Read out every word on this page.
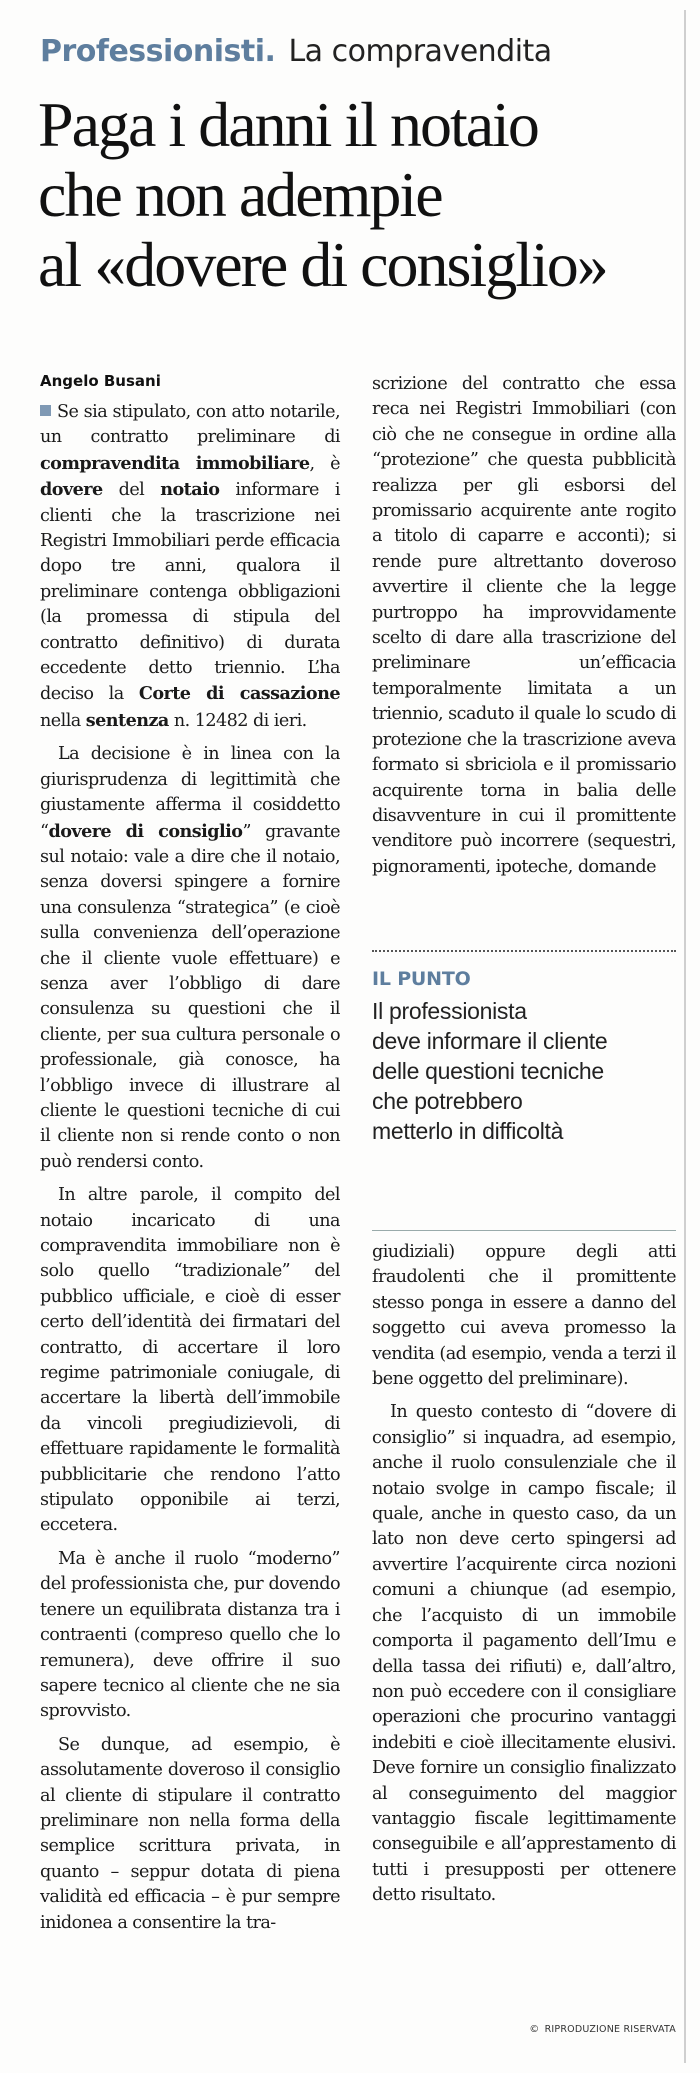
Professionisti. La compravendita
Paga i danni il notaio
che non adempie
al «dovere di consiglio»
Angelo Busani

Se sia stipulato, con atto notarile, un contratto preliminare di compravendita immobiliare, è dovere del notaio informare i clienti che la trascrizione nei Registri Immobiliari perde efficacia dopo tre anni, qualora il preliminare contenga obbligazioni (la promessa di stipula del contratto definitivo) di durata eccedente detto triennio. L’ha deciso la Corte di cassazione nella sentenza n. 12482 di ieri.

La decisione è in linea con la giurisprudenza di legittimità che giustamente afferma il cosiddetto “dovere di consiglio” gravante sul notaio: vale a dire che il notaio, senza doversi spingere a fornire una consulenza “strategica” (e cioè sulla convenienza dell’operazione che il cliente vuole effettuare) e senza aver l’obbligo di dare consulenza su questioni che il cliente, per sua cultura personale o professionale, già conosce, ha l’obbligo invece di illustrare al cliente le questioni tecniche di cui il cliente non si rende conto o non può rendersi conto.

In altre parole, il compito del notaio incaricato di una compravendita immobiliare non è solo quello “tradizionale” del pubblico ufficiale, e cioè di esser certo dell’identità dei firmatari del contratto, di accertare il loro regime patrimoniale coniugale, di accertare la libertà dell’immobile da vincoli pregiudizievoli, di effettuare rapidamente le formalità pubblicitarie che rendono l’atto stipulato opponibile ai terzi, eccetera.

Ma è anche il ruolo “moderno” del professionista che, pur dovendo tenere un equilibrata distanza tra i contraenti (compreso quello che lo remunera), deve offrire il suo sapere tecnico al cliente che ne sia sprovvisto.

Se dunque, ad esempio, è assolutamente doveroso il consiglio al cliente di stipulare il contratto preliminare non nella forma della semplice scrittura privata, in quanto – seppur dotata di piena validità ed efficacia – è pur sempre inidonea a consentire la tra-

scrizione del contratto che essa reca nei Registri Immobiliari (con ciò che ne consegue in ordine alla “protezione” che questa pubblicità realizza per gli esborsi del promissario acquirente ante rogito a titolo di caparre e acconti); si rende pure altrettanto doveroso avvertire il cliente che la legge purtroppo ha improvvidamente scelto di dare alla trascrizione del preliminare un’efficacia temporalmente limitata a un triennio, scaduto il quale lo scudo di protezione che la trascrizione aveva formato si sbriciola e il promissario acquirente torna in balia delle disavventure in cui il promittente venditore può incorrere (sequestri, pignoramenti, ipoteche, domande

IL PUNTO
Il professionista
deve informare il cliente
delle questioni tecniche
che potrebbero
metterlo in difficoltà

giudiziali) oppure degli atti fraudolenti che il promittente stesso ponga in essere a danno del soggetto cui aveva promesso la vendita (ad esempio, venda a terzi il bene oggetto del preliminare).

In questo contesto di “dovere di consiglio” si inquadra, ad esempio, anche il ruolo consulenziale che il notaio svolge in campo fiscale; il quale, anche in questo caso, da un lato non deve certo spingersi ad avvertire l’acquirente circa nozioni comuni a chiunque (ad esempio, che l’acquisto di un immobile comporta il pagamento dell’Imu e della tassa dei rifiuti) e, dall’altro, non può eccedere con il consigliare operazioni che procurino vantaggi indebiti e cioè illecitamente elusivi. Deve fornire un consiglio finalizzato al conseguimento del maggior vantaggio fiscale legittimamente conseguibile e all’apprestamento di tutti i presupposti per ottenere detto risultato.

© RIPRODUZIONE RISERVATA
